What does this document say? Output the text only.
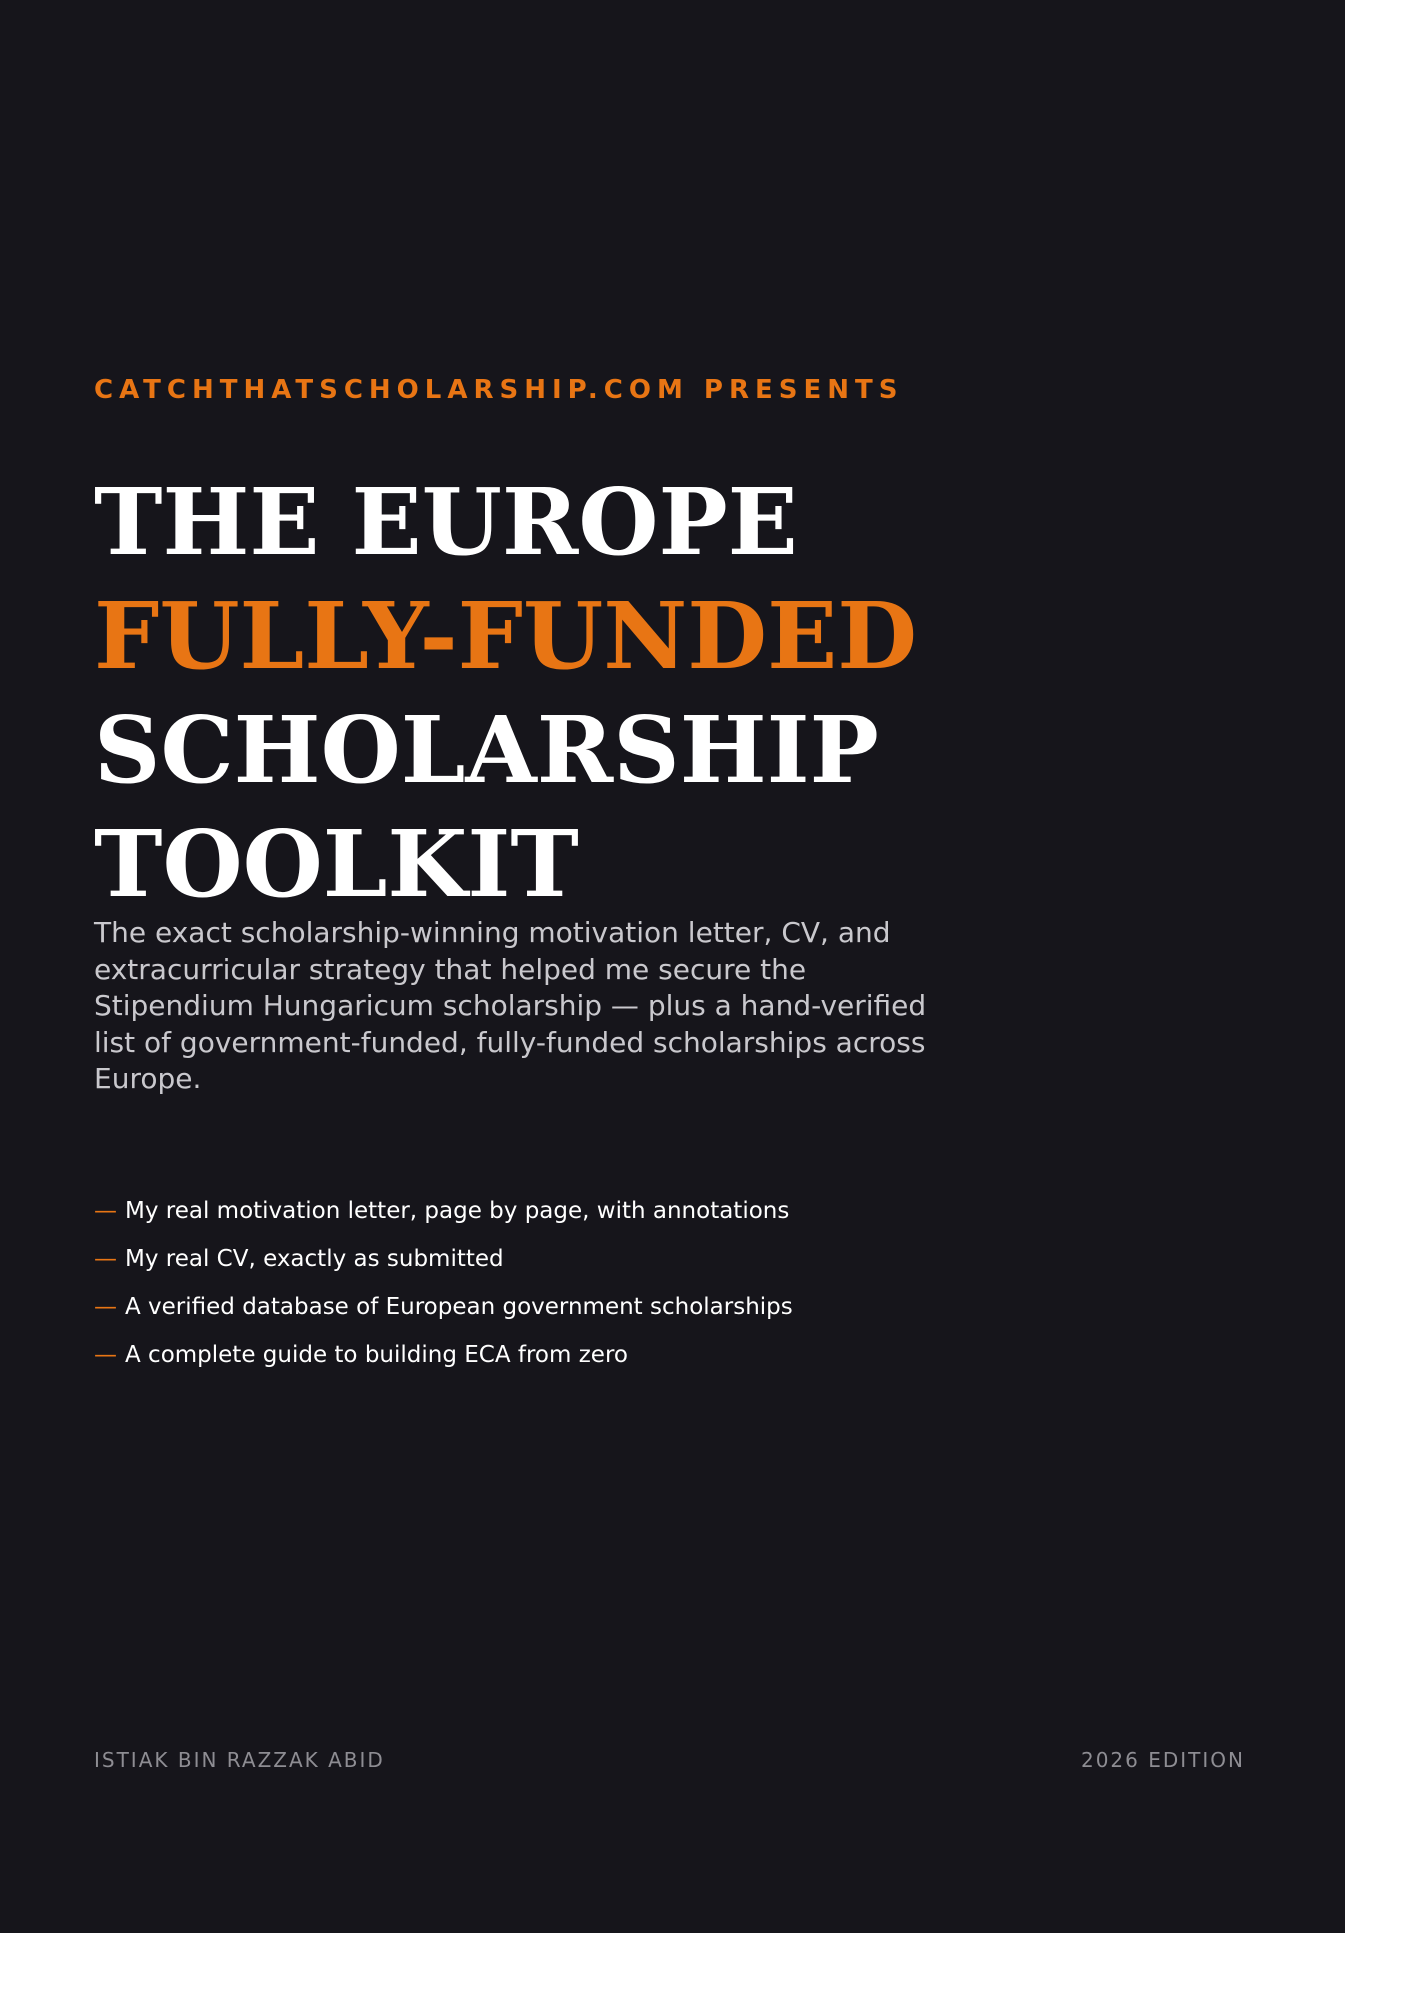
CATCHTHATSCHOLARSHIP.COM PRESENTS

THE EUROPE
FULLY-FUNDED
SCHOLARSHIP
TOOLKIT

The exact scholarship-winning motivation letter, CV, and extracurricular strategy that helped me secure the Stipendium Hungaricum scholarship — plus a hand-verified list of government-funded, fully-funded scholarships across Europe.

— My real motivation letter, page by page, with annotations
— My real CV, exactly as submitted
— A verified database of European government scholarships
— A complete guide to building ECA from zero

ISTIAK BIN RAZZAK ABID	2026 EDITION
